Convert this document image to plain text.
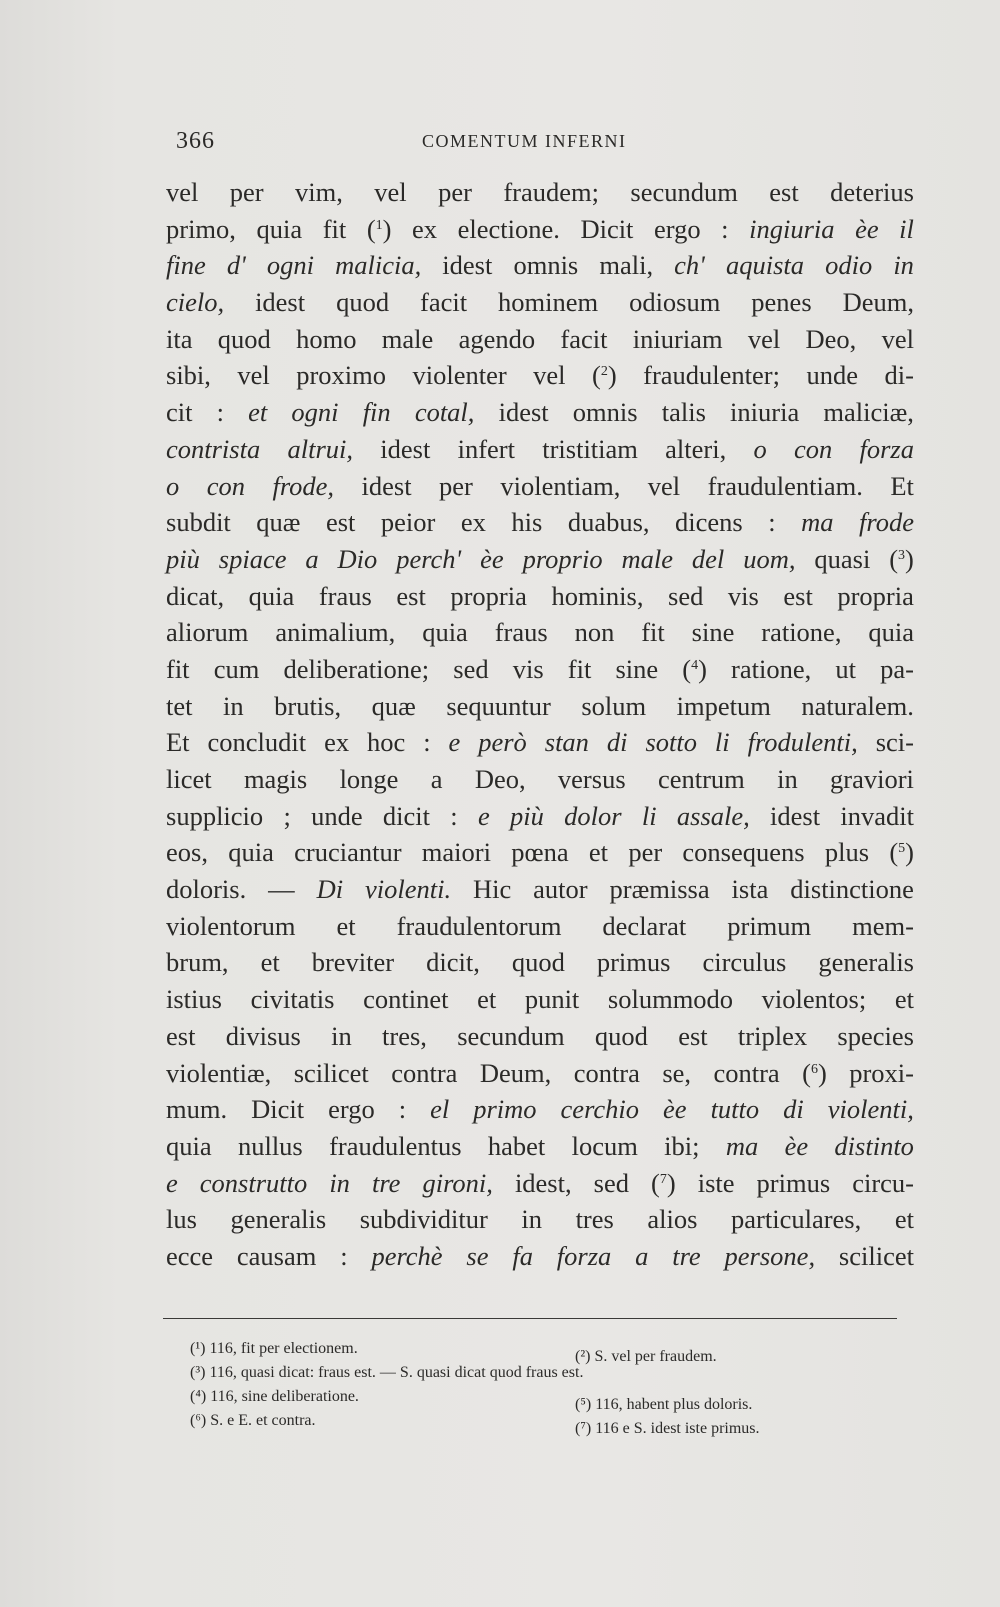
366	COMENTUM INFERNI
vel per vim, vel per fraudem; secundum est deterius
primo, quia fit ($^1$) ex electione. Dicit ergo : ingiuria èe il
fine d' ogni malicia, idest omnis mali, ch' aquista odio in
cielo, idest quod facit hominem odiosum penes Deum,
ita quod homo male agendo facit iniuriam vel Deo, vel
sibi, vel proximo violenter vel ($^2$) fraudulenter; unde di-
cit : et ogni fin cotal, idest omnis talis iniuria maliciæ,
contrista altrui, idest infert tristitiam alteri, o con forza
o con frode, idest per violentiam, vel fraudulentiam. Et
subdit quæ est peior ex his duabus, dicens : ma frode
più spiace a Dio perch' èe proprio male del uom, quasi ($^3$)
dicat, quia fraus est propria hominis, sed vis est propria
aliorum animalium, quia fraus non fit sine ratione, quia
fit cum deliberatione; sed vis fit sine ($^4$) ratione, ut pa-
tet in brutis, quæ sequuntur solum impetum naturalem.
Et concludit ex hoc : e però stan di sotto li frodulenti, sci-
licet magis longe a Deo, versus centrum in graviori
supplicio ; unde dicit : e più dolor li assale, idest invadit
eos, quia cruciantur maiori pœna et per consequens plus ($^5$)
doloris. — Di violenti. Hic autor præmissa ista distinctione
violentorum et fraudulentorum declarat primum mem-
brum, et breviter dicit, quod primus circulus generalis
istius civitatis continet et punit solummodo violentos; et
est divisus in tres, secundum quod est triplex species
violentiæ, scilicet contra Deum, contra se, contra ($^6$) proxi-
mum. Dicit ergo : el primo cerchio èe tutto di violenti,
quia nullus fraudulentus habet locum ibi; ma èe distinto
e construtto in tre gironi, idest, sed ($^7$) iste primus circu-
lus generalis subdividitur in tres alios particulares, et
ecce causam : perchè se fa forza a tre persone, scilicet
(¹) 116, fit per electionem.	(²) S. vel per fraudem.
(³) 116, quasi dicat: fraus est. — S. quasi dicat quod fraus est.
(⁴) 116, sine deliberatione.	(⁵) 116, habent plus doloris.
(⁶) S. e E. et contra.	(⁷) 116 e S. idest iste primus.
